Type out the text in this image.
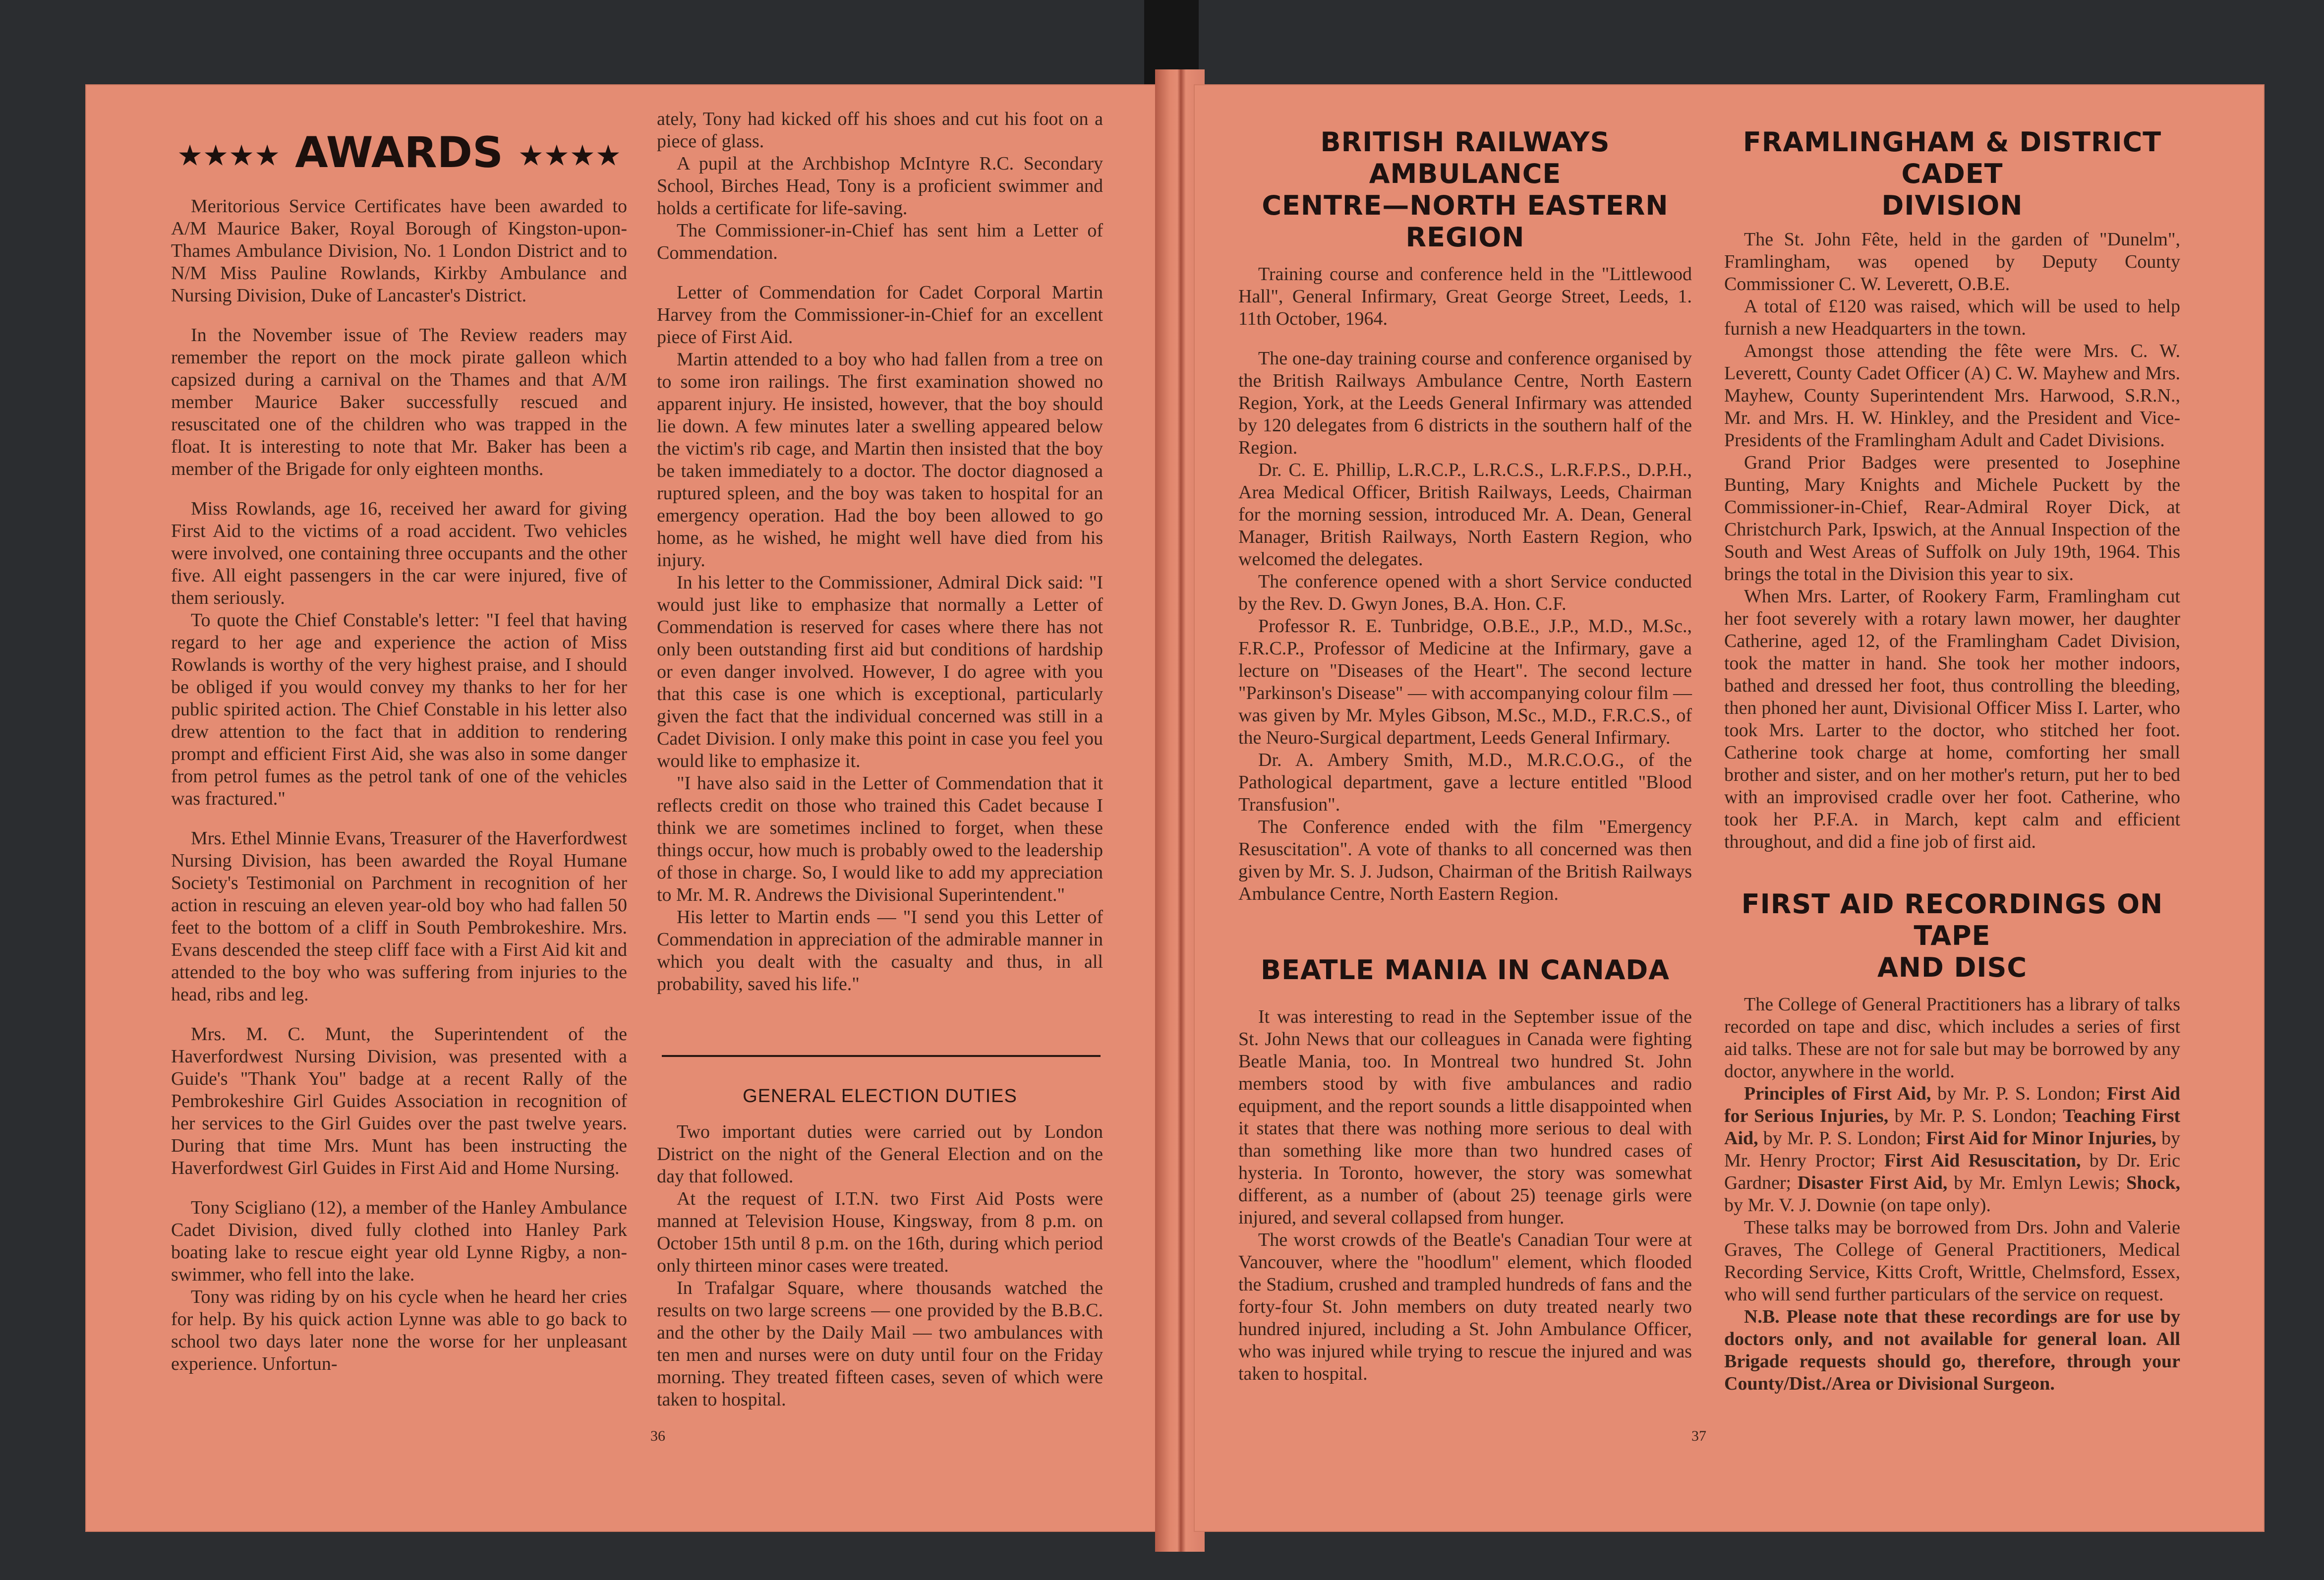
★★★★ AWARDS ★★★★

Meritorious Service Certificates have been awarded to A/M Maurice Baker, Royal Borough of Kingston-upon-Thames Ambulance Division, No. 1 London District and to N/M Miss Pauline Rowlands, Kirkby Ambulance and Nursing Division, Duke of Lancaster's District.

In the November issue of The Review readers may remember the report on the mock pirate galleon which capsized during a carnival on the Thames and that A/M member Maurice Baker successfully rescued and resuscitated one of the children who was trapped in the float. It is interesting to note that Mr. Baker has been a member of the Brigade for only eighteen months.

Miss Rowlands, age 16, received her award for giving First Aid to the victims of a road accident. Two vehicles were involved, one containing three occupants and the other five. All eight passengers in the car were injured, five of them seriously.

To quote the Chief Constable's letter: "I feel that having regard to her age and experience the action of Miss Rowlands is worthy of the very highest praise, and I should be obliged if you would convey my thanks to her for her public spirited action. The Chief Constable in his letter also drew attention to the fact that in addition to rendering prompt and efficient First Aid, she was also in some danger from petrol fumes as the petrol tank of one of the vehicles was fractured."

Mrs. Ethel Minnie Evans, Treasurer of the Haverfordwest Nursing Division, has been awarded the Royal Humane Society's Testimonial on Parchment in recognition of her action in rescuing an eleven year-old boy who had fallen 50 feet to the bottom of a cliff in South Pembrokeshire. Mrs. Evans descended the steep cliff face with a First Aid kit and attended to the boy who was suffering from injuries to the head, ribs and leg.

Mrs. M. C. Munt, the Superintendent of the Haverfordwest Nursing Division, was presented with a Guide's "Thank You" badge at a recent Rally of the Pembrokeshire Girl Guides Association in recognition of her services to the Girl Guides over the past twelve years. During that time Mrs. Munt has been instructing the Haverfordwest Girl Guides in First Aid and Home Nursing.

Tony Scigliano (12), a member of the Hanley Ambulance Cadet Division, dived fully clothed into Hanley Park boating lake to rescue eight year old Lynne Rigby, a non-swimmer, who fell into the lake.

Tony was riding by on his cycle when he heard her cries for help. By his quick action Lynne was able to go back to school two days later none the worse for her unpleasant experience. Unfortun-

ately, Tony had kicked off his shoes and cut his foot on a piece of glass.

A pupil at the Archbishop McIntyre R.C. Secondary School, Birches Head, Tony is a proficient swimmer and holds a certificate for life-saving.

The Commissioner-in-Chief has sent him a Letter of Commendation.

Letter of Commendation for Cadet Corporal Martin Harvey from the Commissioner-in-Chief for an excellent piece of First Aid.

Martin attended to a boy who had fallen from a tree on to some iron railings. The first examination showed no apparent injury. He insisted, however, that the boy should lie down. A few minutes later a swelling appeared below the victim's rib cage, and Martin then insisted that the boy be taken immediately to a doctor. The doctor diagnosed a ruptured spleen, and the boy was taken to hospital for an emergency operation. Had the boy been allowed to go home, as he wished, he might well have died from his injury.

In his letter to the Commissioner, Admiral Dick said: "I would just like to emphasize that normally a Letter of Commendation is reserved for cases where there has not only been outstanding first aid but conditions of hardship or even danger involved. However, I do agree with you that this case is one which is exceptional, particularly given the fact that the individual concerned was still in a Cadet Division. I only make this point in case you feel you would like to emphasize it.

"I have also said in the Letter of Commendation that it reflects credit on those who trained this Cadet because I think we are sometimes inclined to forget, when these things occur, how much is probably owed to the leadership of those in charge. So, I would like to add my appreciation to Mr. M. R. Andrews the Divisional Superintendent."

His letter to Martin ends — "I send you this Letter of Commendation in appreciation of the admirable manner in which you dealt with the casualty and thus, in all probability, saved his life."

GENERAL ELECTION DUTIES

Two important duties were carried out by London District on the night of the General Election and on the day that followed.

At the request of I.T.N. two First Aid Posts were manned at Television House, Kingsway, from 8 p.m. on October 15th until 8 p.m. on the 16th, during which period only thirteen minor cases were treated.

In Trafalgar Square, where thousands watched the results on two large screens — one provided by the B.B.C. and the other by the Daily Mail — two ambulances with ten men and nurses were on duty until four on the Friday morning. They treated fifteen cases, seven of which were taken to hospital.

36
BRITISH RAILWAYS AMBULANCE
CENTRE—NORTH EASTERN REGION

Training course and conference held in the "Littlewood Hall", General Infirmary, Great George Street, Leeds, 1. 11th October, 1964.

The one-day training course and conference organised by the British Railways Ambulance Centre, North Eastern Region, York, at the Leeds General Infirmary was attended by 120 delegates from 6 districts in the southern half of the Region.

Dr. C. E. Phillip, L.R.C.P., L.R.C.S., L.R.F.P.S., D.P.H., Area Medical Officer, British Railways, Leeds, Chairman for the morning session, introduced Mr. A. Dean, General Manager, British Railways, North Eastern Region, who welcomed the delegates.

The conference opened with a short Service conducted by the Rev. D. Gwyn Jones, B.A. Hon. C.F.

Professor R. E. Tunbridge, O.B.E., J.P., M.D., M.Sc., F.R.C.P., Professor of Medicine at the Infirmary, gave a lecture on "Diseases of the Heart". The second lecture "Parkinson's Disease" — with accompanying colour film — was given by Mr. Myles Gibson, M.Sc., M.D., F.R.C.S., of the Neuro-Surgical department, Leeds General Infirmary.

Dr. A. Ambery Smith, M.D., M.R.C.O.G., of the Pathological department, gave a lecture entitled "Blood Transfusion".

The Conference ended with the film "Emergency Resuscitation". A vote of thanks to all concerned was then given by Mr. S. J. Judson, Chairman of the British Railways Ambulance Centre, North Eastern Region.

BEATLE MANIA IN CANADA

It was interesting to read in the September issue of the St. John News that our colleagues in Canada were fighting Beatle Mania, too. In Montreal two hundred St. John members stood by with five ambulances and radio equipment, and the report sounds a little disappointed when it states that there was nothing more serious to deal with than something like more than two hundred cases of hysteria. In Toronto, however, the story was somewhat different, as a number of (about 25) teenage girls were injured, and several collapsed from hunger.

The worst crowds of the Beatle's Canadian Tour were at Vancouver, where the "hoodlum" element, which flooded the Stadium, crushed and trampled hundreds of fans and the forty-four St. John members on duty treated nearly two hundred injured, including a St. John Ambulance Officer, who was injured while trying to rescue the injured and was taken to hospital.

37
FRAMLINGHAM & DISTRICT CADET
DIVISION

The St. John Fête, held in the garden of "Dunelm", Framlingham, was opened by Deputy County Commissioner C. W. Leverett, O.B.E.

A total of £120 was raised, which will be used to help furnish a new Headquarters in the town.

Amongst those attending the fête were Mrs. C. W. Leverett, County Cadet Officer (A) C. W. Mayhew and Mrs. Mayhew, County Superintendent Mrs. Harwood, S.R.N., Mr. and Mrs. H. W. Hinkley, and the President and Vice-Presidents of the Framlingham Adult and Cadet Divisions.

Grand Prior Badges were presented to Josephine Bunting, Mary Knights and Michele Puckett by the Commissioner-in-Chief, Rear-Admiral Royer Dick, at Christchurch Park, Ipswich, at the Annual Inspection of the South and West Areas of Suffolk on July 19th, 1964. This brings the total in the Division this year to six.

When Mrs. Larter, of Rookery Farm, Framlingham cut her foot severely with a rotary lawn mower, her daughter Catherine, aged 12, of the Framlingham Cadet Division, took the matter in hand. She took her mother indoors, bathed and dressed her foot, thus controlling the bleeding, then phoned her aunt, Divisional Officer Miss I. Larter, who took Mrs. Larter to the doctor, who stitched her foot. Catherine took charge at home, comforting her small brother and sister, and on her mother's return, put her to bed with an improvised cradle over her foot. Catherine, who took her P.F.A. in March, kept calm and efficient throughout, and did a fine job of first aid.

FIRST AID RECORDINGS ON TAPE
AND DISC

The College of General Practitioners has a library of talks recorded on tape and disc, which includes a series of first aid talks. These are not for sale but may be borrowed by any doctor, anywhere in the world.

Principles of First Aid, by Mr. P. S. London; First Aid for Serious Injuries, by Mr. P. S. London; Teaching First Aid, by Mr. P. S. London; First Aid for Minor Injuries, by Mr. Henry Proctor; First Aid Resuscitation, by Dr. Eric Gardner; Disaster First Aid, by Mr. Emlyn Lewis; Shock, by Mr. V. J. Downie (on tape only).

These talks may be borrowed from Drs. John and Valerie Graves, The College of General Practitioners, Medical Recording Service, Kitts Croft, Writtle, Chelmsford, Essex, who will send further particulars of the service on request.

N.B. Please note that these recordings are for use by doctors only, and not available for general loan. All Brigade requests should go, therefore, through your County/Dist./Area or Divisional Surgeon.
